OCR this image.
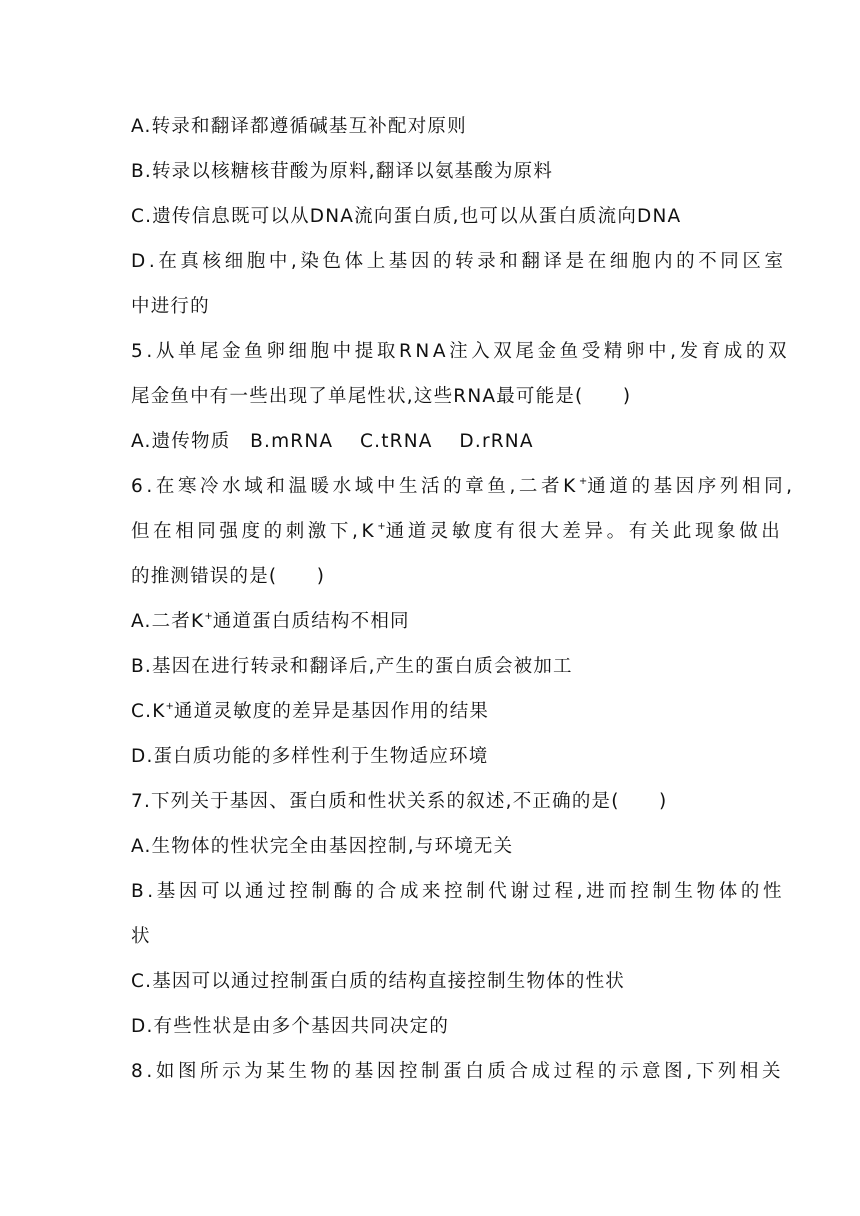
A.转录和翻译都遵循碱基互补配对原则
B.转录以核糖核苷酸为原料,翻译以氨基酸为原料
C.遗传信息既可以从DNA流向蛋白质,也可以从蛋白质流向DNA
D.在真核细胞中,染色体上基因的转录和翻译是在细胞内的不同区室
中进行的
5.从单尾金鱼卵细胞中提取RNA注入双尾金鱼受精卵中,发育成的双
尾金鱼中有一些出现了单尾性状,这些RNA最可能是(　　)
A.遗传物质　B.mRNA　 C.tRNA　 D.rRNA
6.在寒冷水域和温暖水域中生活的章鱼,二者K+通道的基因序列相同,
但在相同强度的刺激下,K+通道灵敏度有很大差异。有关此现象做出
的推测错误的是(　　)
A.二者K+通道蛋白质结构不相同
B.基因在进行转录和翻译后,产生的蛋白质会被加工
C.K+通道灵敏度的差异是基因作用的结果
D.蛋白质功能的多样性利于生物适应环境
7.下列关于基因、蛋白质和性状关系的叙述,不正确的是(　　)
A.生物体的性状完全由基因控制,与环境无关
B.基因可以通过控制酶的合成来控制代谢过程,进而控制生物体的性
状
C.基因可以通过控制蛋白质的结构直接控制生物体的性状
D.有些性状是由多个基因共同决定的
8.如图所示为某生物的基因控制蛋白质合成过程的示意图,下列相关
